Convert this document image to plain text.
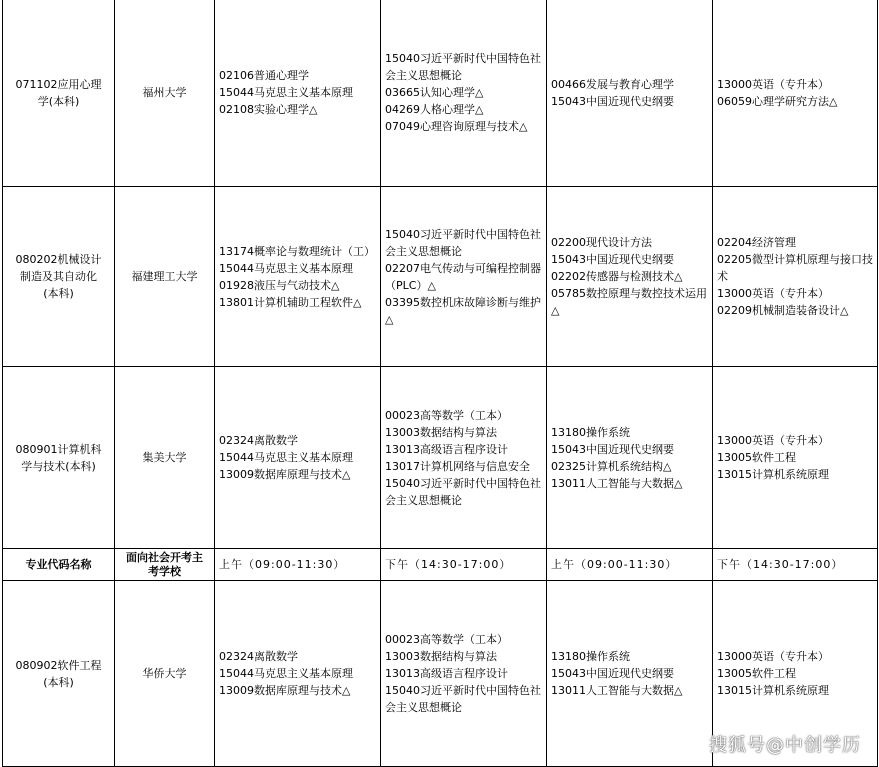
071102应用心理学(本科)	福州大学	02106普通心理学
15044马克思主义基本原理
02108实验心理学△	15040习近平新时代中国特色社会主义思想概论
03665认知心理学△
04269人格心理学△
07049心理咨询原理与技术△	00466发展与教育心理学
15043中国近现代史纲要	13000英语（专升本）
06059心理学研究方法△

080202机械设计制造及其自动化(本科)	福建理工大学	13174概率论与数理统计（工）
15044马克思主义基本原理
01928液压与气动技术△
13801计算机辅助工程软件△	15040习近平新时代中国特色社会主义思想概论
02207电气传动与可编程控制器（PLC）△
03395数控机床故障诊断与维护△	02200现代设计方法
15043中国近现代史纲要
02202传感器与检测技术△
05785数控原理与数控技术运用△	02204经济管理
02205微型计算机原理与接口技术
13000英语（专升本）
02209机械制造装备设计△

080901计算机科学与技术(本科)	集美大学	02324离散数学
15044马克思主义基本原理
13009数据库原理与技术△	00023高等数学（工本）
13003数据结构与算法
13013高级语言程序设计
13017计算机网络与信息安全
15040习近平新时代中国特色社会主义思想概论	13180操作系统
15043中国近现代史纲要
02325计算机系统结构△
13011人工智能与大数据△	13000英语（专升本）
13005软件工程
13015计算机系统原理

专业代码名称	面向社会开考主考学校	上午（09:00-11:30）	下午（14:30-17:00）	上午（09:00-11:30）	下午（14:30-17:00）
080902软件工程(本科)	华侨大学	02324离散数学
15044马克思主义基本原理
13009数据库原理与技术△	00023高等数学（工本）
13003数据结构与算法
13013高级语言程序设计
15040习近平新时代中国特色社会主义思想概论	13180操作系统
15043中国近现代史纲要
13011人工智能与大数据△	13000英语（专升本）
13005软件工程
13015计算机系统原理
搜狐号@中创学历
